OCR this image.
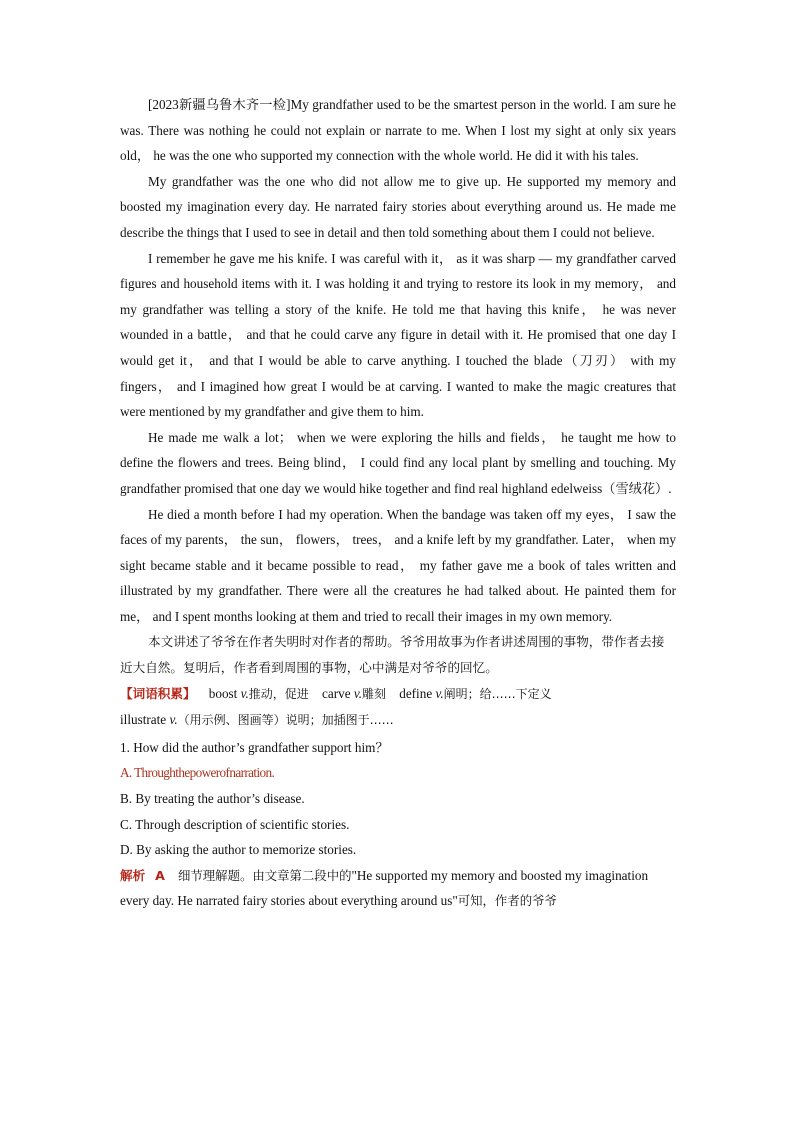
[2023新疆乌鲁木齐一检]My grandfather used to be the smartest person in the world. I am sure he was. There was nothing he could not explain or narrate to me. When I lost my sight at only six years old， he was the one who supported my connection with the whole world. He did it with his tales.

My grandfather was the one who did not allow me to give up. He supported my memory and boosted my imagination every day. He narrated fairy stories about everything around us. He made me describe the things that I used to see in detail and then told something about them I could not believe.

I remember he gave me his knife. I was careful with it， as it was sharp — my grandfather carved figures and household items with it. I was holding it and trying to restore its look in my memory， and my grandfather was telling a story of the knife. He told me that having this knife， he was never wounded in a battle， and that he could carve any figure in detail with it. He promised that one day I would get it， and that I would be able to carve anything. I touched the blade（刀刃） with my fingers， and I imagined how great I would be at carving. I wanted to make the magic creatures that were mentioned by my grandfather and give them to him.

He made me walk a lot； when we were exploring the hills and fields， he taught me how to define the flowers and trees. Being blind， I could find any local plant by smelling and touching. My grandfather promised that one day we would hike together and find real highland edelweiss（雪绒花）.

He died a month before I had my operation. When the bandage was taken off my eyes， I saw the faces of my parents， the sun， flowers， trees， and a knife left by my grandfather. Later， when my sight became stable and it became possible to read， my father gave me a book of tales written and illustrated by my grandfather. There were all the creatures he had talked about. He painted them for me， and I spent months looking at them and tried to recall their images in my own memory.

本文讲述了爷爷在作者失明时对作者的帮助。爷爷用故事为作者讲述周围的事物，带作者去接近大自然。复明后，作者看到周围的事物，心中满是对爷爷的回忆。

【词语积累】 boost v.推动，促进 carve v.雕刻 define v.阐明；给……下定义
illustrate v.（用示例、图画等）说明；加插图于……

1. How did the author’s grandfather support him？

A. Throughthepowerofnarration.

B. By treating the author’s disease.

C. Through description of scientific stories.

D. By asking the author to memorize stories.

解析 A 细节理解题。由文章第二段中的"He supported my memory and boosted my imagination every day. He narrated fairy stories about everything around us"可知，作者的爷爷
